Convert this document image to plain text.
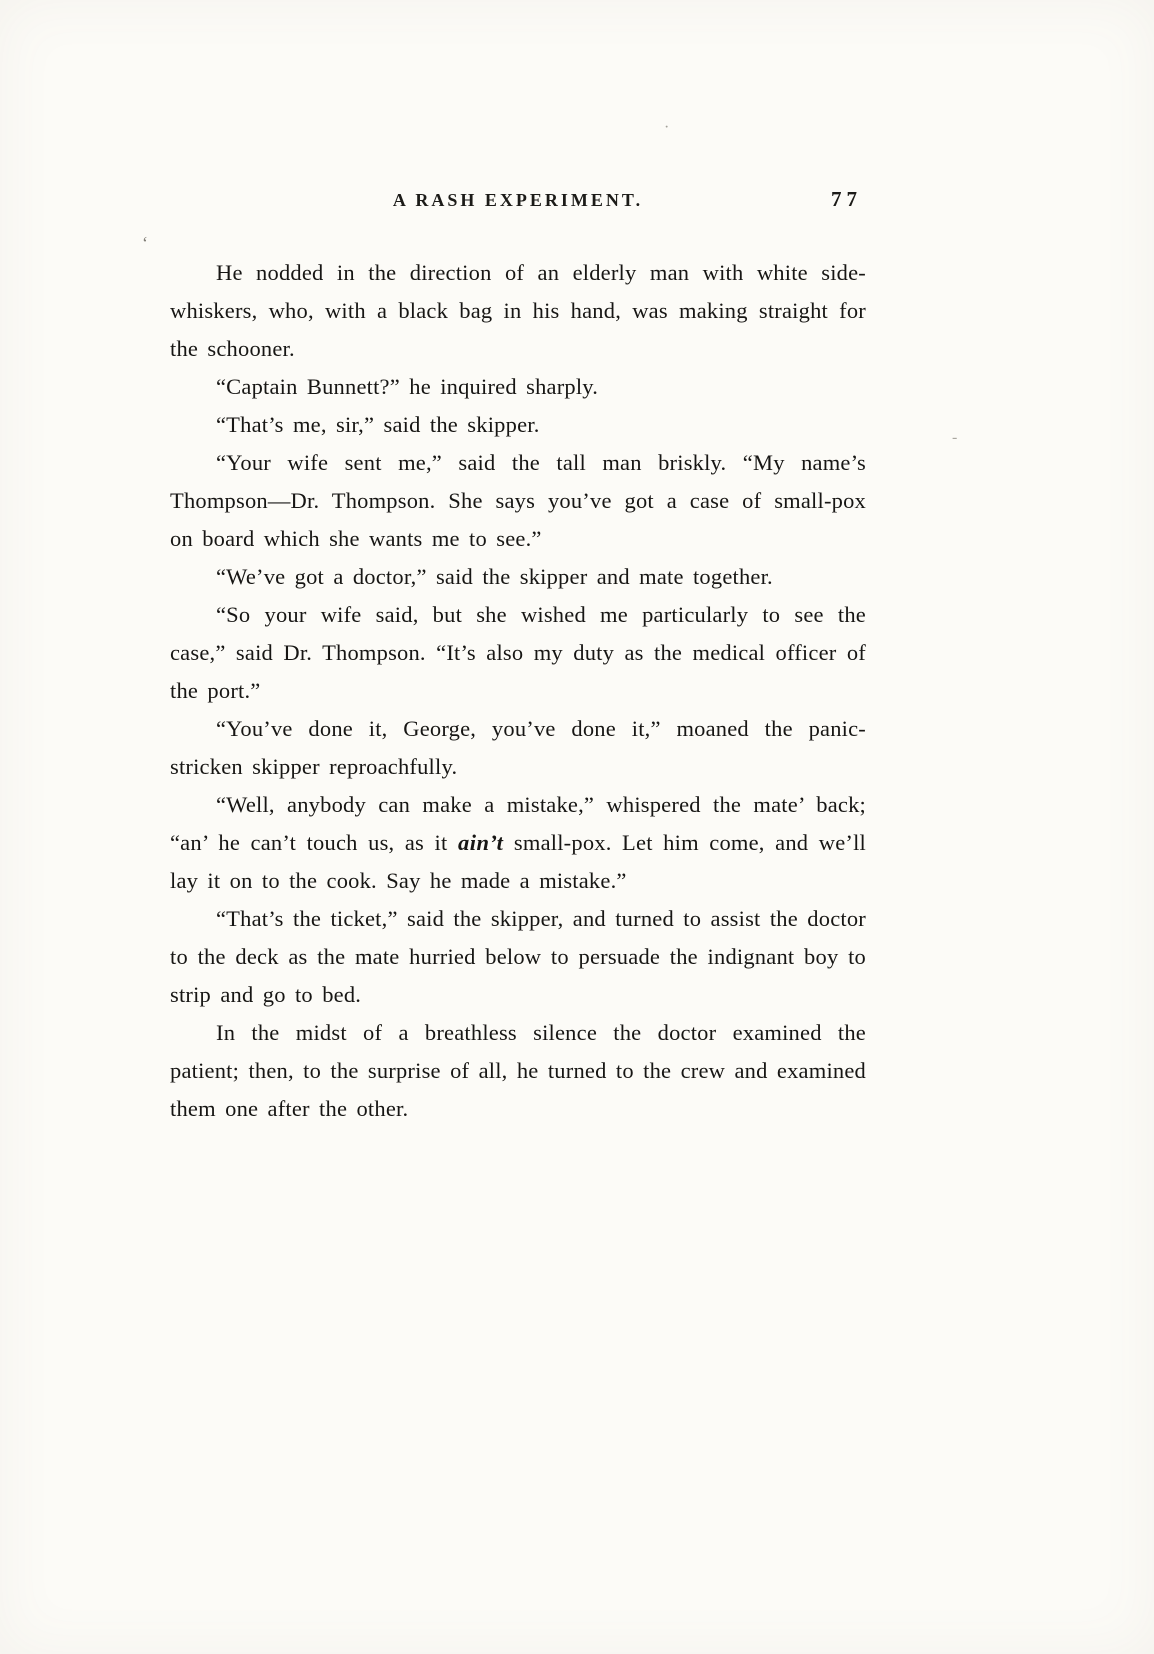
‘
·
-
A RASH EXPERIMENT.	77

He nodded in the direction of an elderly man with white side-whiskers, who, with a black bag in his hand, was making straight for the schooner.

“Captain Bunnett?” he inquired sharply.

“That’s me, sir,” said the skipper.

“Your wife sent me,” said the tall man briskly. “My name’s Thompson—Dr. Thompson. She says you’ve got a case of small-pox on board which she wants me to see.”

“We’ve got a doctor,” said the skipper and mate together.

“So your wife said, but she wished me particularly to see the case,” said Dr. Thompson. “It’s also my duty as the medical officer of the port.”

“You’ve done it, George, you’ve done it,” moaned the panic-stricken skipper reproachfully.

“Well, anybody can make a mistake,” whispered the mate’ back; “an’ he can’t touch us, as it ain’t small-pox. Let him come, and we’ll lay it on to the cook. Say he made a mistake.”

“That’s the ticket,” said the skipper, and turned to assist the doctor to the deck as the mate hurried below to persuade the indignant boy to strip and go to bed.

In the midst of a breathless silence the doctor examined the patient; then, to the surprise of all, he turned to the crew and examined them one after the other.
